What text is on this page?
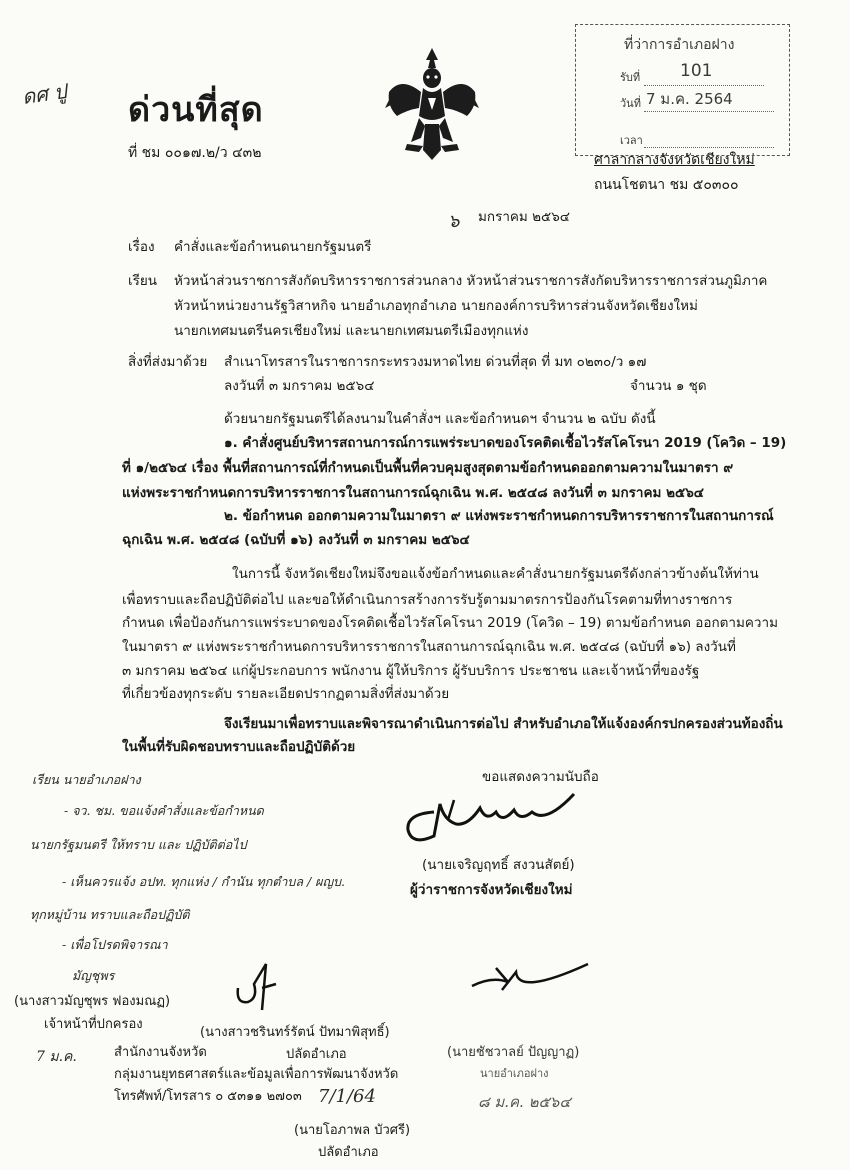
ดศ ปู ด่วนที่สุด
ที่ ชม ๐๐๑๗.๒/ว ๔๓๒
ที่ว่าการอำเภอฝาง
รับที่ 101
วันที่ 7 ม.ค. 2564
เวลา
ศาลากลางจังหวัดเชียงใหม่
ถนนโชตนา ชม ๕๐๓๐๐
๖ มกราคม ๒๕๖๔
เรื่อง คำสั่งและข้อกำหนดนายกรัฐมนตรี
เรียน หัวหน้าส่วนราชการสังกัดบริหารราชการส่วนกลาง หัวหน้าส่วนราชการสังกัดบริหารราชการส่วนภูมิภาค
หัวหน้าหน่วยงานรัฐวิสาหกิจ นายอำเภอทุกอำเภอ นายกองค์การบริหารส่วนจังหวัดเชียงใหม่
นายกเทศมนตรีนครเชียงใหม่ และนายกเทศมนตรีเมืองทุกแห่ง
สิ่งที่ส่งมาด้วย สำเนาโทรสารในราชการกระทรวงมหาดไทย ด่วนที่สุด ที่ มท ๐๒๓๐/ว ๑๗
ลงวันที่ ๓ มกราคม ๒๕๖๔	จำนวน ๑ ชุด
ด้วยนายกรัฐมนตรีได้ลงนามในคำสั่งฯ และข้อกำหนดฯ จำนวน ๒ ฉบับ ดังนี้
๑. คำสั่งศูนย์บริหารสถานการณ์การแพร่ระบาดของโรคติดเชื้อไวรัสโคโรนา 2019 (โควิด – 19)
ที่ ๑/๒๕๖๔ เรื่อง พื้นที่สถานการณ์ที่กำหนดเป็นพื้นที่ควบคุมสูงสุดตามข้อกำหนดออกตามความในมาตรา ๙
แห่งพระราชกำหนดการบริหารราชการในสถานการณ์ฉุกเฉิน พ.ศ. ๒๕๔๘ ลงวันที่ ๓ มกราคม ๒๕๖๔
๒. ข้อกำหนด ออกตามความในมาตรา ๙ แห่งพระราชกำหนดการบริหารราชการในสถานการณ์
ฉุกเฉิน พ.ศ. ๒๕๔๘ (ฉบับที่ ๑๖) ลงวันที่ ๓ มกราคม ๒๕๖๔
ในการนี้ จังหวัดเชียงใหม่จึงขอแจ้งข้อกำหนดและคำสั่งนายกรัฐมนตรีดังกล่าวข้างต้นให้ท่าน
เพื่อทราบและถือปฏิบัติต่อไป และขอให้ดำเนินการสร้างการรับรู้ตามมาตรการป้องกันโรคตามที่ทางราชการ
กำหนด เพื่อป้องกันการแพร่ระบาดของโรคติดเชื้อไวรัสโคโรนา 2019 (โควิด – 19) ตามข้อกำหนด ออกตามความ
ในมาตรา ๙ แห่งพระราชกำหนดการบริหารราชการในสถานการณ์ฉุกเฉิน พ.ศ. ๒๕๔๘ (ฉบับที่ ๑๖) ลงวันที่
๓ มกราคม ๒๕๖๔ แก่ผู้ประกอบการ พนักงาน ผู้ให้บริการ ผู้รับบริการ ประชาชน และเจ้าหน้าที่ของรัฐ
ที่เกี่ยวข้องทุกระดับ รายละเอียดปรากฏตามสิ่งที่ส่งมาด้วย
จึงเรียนมาเพื่อทราบและพิจารณาดำเนินการต่อไป สำหรับอำเภอให้แจ้งองค์กรปกครองส่วนท้องถิ่น
ในพื้นที่รับผิดชอบทราบและถือปฏิบัติด้วย
ขอแสดงความนับถือ
(นายเจริญฤทธิ์ สงวนสัตย์)
ผู้ว่าราชการจังหวัดเชียงใหม่
เรียน นายอำเภอฝาง
- จว. ชม. ขอแจ้งคำสั่งและข้อกำหนด
นายกรัฐมนตรี ให้ทราบ และ ปฏิบัติต่อไป
- เห็นควรแจ้ง อปท. ทุกแห่ง / กำนัน ทุกตำบล / ผญบ.
ทุกหมู่บ้าน ทราบและถือปฏิบัติ
- เพื่อโปรดพิจารณา
มัญชุพร
(นางสาวมัญชุพร ฟองมณฏ)
เจ้าหน้าที่ปกครอง
7 ม.ค.
(นางสาวชรินทร์รัตน์ ปัทมาพิสุทธิ์)
ปลัดอำเภอ	(นายชัชวาลย์ ปัญญาฏ)
นายอำเภอฝาง
๘ ม.ค. ๒๕๖๔
สำนักงานจังหวัด
กลุ่มงานยุทธศาสตร์และข้อมูลเพื่อการพัฒนาจังหวัด
โทรศัพท์/โทรสาร ๐ ๕๓๑๑ ๒๗๐๓ 7/1/64
(นายโอภาพล บัวศรี)
ปลัดอำเภอ
